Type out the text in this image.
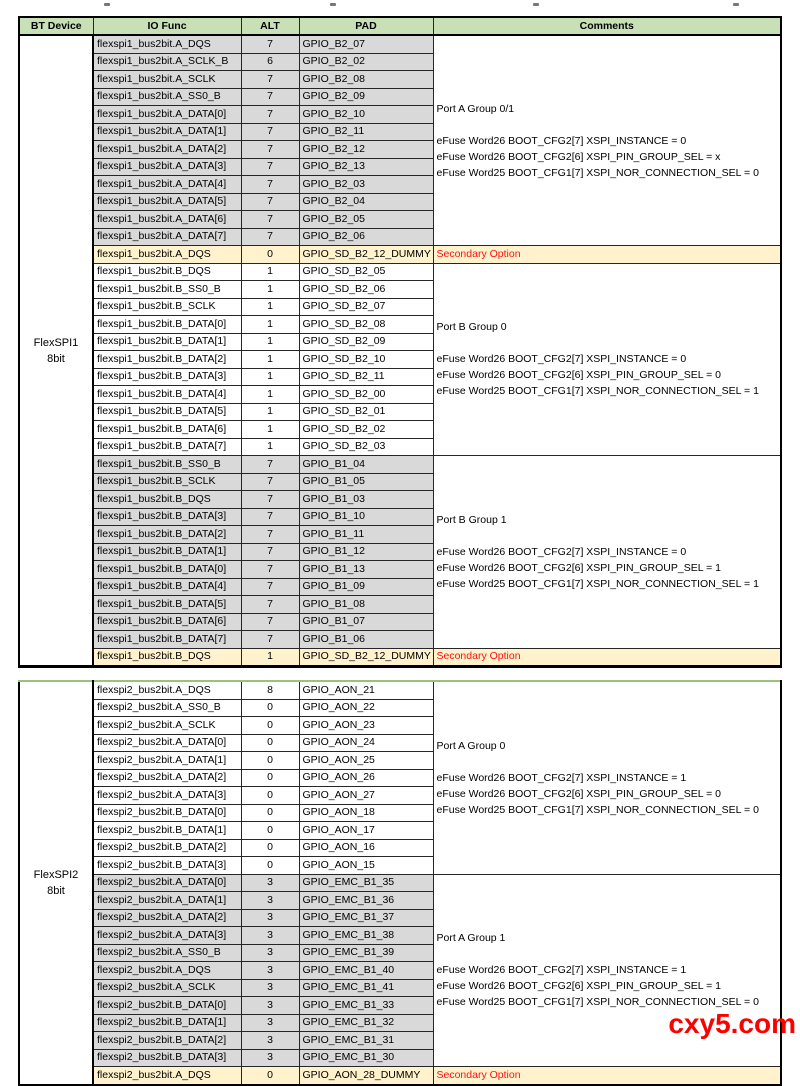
BT Device	IO Func	ALT	PAD	Comments

FlexSPI1
8bit
	flexspi1_bus2bit.A_DQS	7	GPIO_B2_07	
Port A Group 0/1
eFuse Word26 BOOT_CFG2[7] XSPI_INSTANCE = 0
eFuse Word26 BOOT_CFG2[6] XSPI_PIN_GROUP_SEL = x
eFuse Word25 BOOT_CFG1[7] XSPI_NOR_CONNECTION_SEL = 0

	flexspi1_bus2bit.A_SCLK_B	6	GPIO_B2_02	
	flexspi1_bus2bit.A_SCLK	7	GPIO_B2_08	
	flexspi1_bus2bit.A_SS0_B	7	GPIO_B2_09	
	flexspi1_bus2bit.A_DATA[0]	7	GPIO_B2_10	
	flexspi1_bus2bit.A_DATA[1]	7	GPIO_B2_11	
	flexspi1_bus2bit.A_DATA[2]	7	GPIO_B2_12	
	flexspi1_bus2bit.A_DATA[3]	7	GPIO_B2_13	
	flexspi1_bus2bit.A_DATA[4]	7	GPIO_B2_03	
	flexspi1_bus2bit.A_DATA[5]	7	GPIO_B2_04	
	flexspi1_bus2bit.A_DATA[6]	7	GPIO_B2_05	
	flexspi1_bus2bit.A_DATA[7]	7	GPIO_B2_06	
	flexspi1_bus2bit.A_DQS	0	GPIO_SD_B2_12_DUMMY	Secondary Option
	flexspi1_bus2bit.B_DQS	1	GPIO_SD_B2_05	Port B Group 0
eFuse Word26 BOOT_CFG2[7] XSPI_INSTANCE = 0
eFuse Word26 BOOT_CFG2[6] XSPI_PIN_GROUP_SEL = 0
eFuse Word25 BOOT_CFG1[7] XSPI_NOR_CONNECTION_SEL = 1

	flexspi1_bus2bit.B_SS0_B	1	GPIO_SD_B2_06	
	flexspi1_bus2bit.B_SCLK	1	GPIO_SD_B2_07	
	flexspi1_bus2bit.B_DATA[0]	1	GPIO_SD_B2_08	
	flexspi1_bus2bit.B_DATA[1]	1	GPIO_SD_B2_09	
	flexspi1_bus2bit.B_DATA[2]	1	GPIO_SD_B2_10	
	flexspi1_bus2bit.B_DATA[3]	1	GPIO_SD_B2_11	
	flexspi1_bus2bit.B_DATA[4]	1	GPIO_SD_B2_00	
	flexspi1_bus2bit.B_DATA[5]	1	GPIO_SD_B2_01	
	flexspi1_bus2bit.B_DATA[6]	1	GPIO_SD_B2_02	
	flexspi1_bus2bit.B_DATA[7]	1	GPIO_SD_B2_03	
	flexspi1_bus2bit.B_SS0_B	7	GPIO_B1_04	Port B Group 1
eFuse Word26 BOOT_CFG2[7] XSPI_INSTANCE = 0
eFuse Word26 BOOT_CFG2[6] XSPI_PIN_GROUP_SEL = 1
eFuse Word25 BOOT_CFG1[7] XSPI_NOR_CONNECTION_SEL = 1

	flexspi1_bus2bit.B_SCLK	7	GPIO_B1_05	
	flexspi1_bus2bit.B_DQS	7	GPIO_B1_03	
	flexspi1_bus2bit.B_DATA[3]	7	GPIO_B1_10	
	flexspi1_bus2bit.B_DATA[2]	7	GPIO_B1_11	
	flexspi1_bus2bit.B_DATA[1]	7	GPIO_B1_12	
	flexspi1_bus2bit.B_DATA[0]	7	GPIO_B1_13	
	flexspi1_bus2bit.B_DATA[4]	7	GPIO_B1_09	
	flexspi1_bus2bit.B_DATA[5]	7	GPIO_B1_08	
	flexspi1_bus2bit.B_DATA[6]	7	GPIO_B1_07	
	flexspi1_bus2bit.B_DATA[7]	7	GPIO_B1_06	
	flexspi1_bus2bit.B_DQS	1	GPIO_SD_B2_12_DUMMY	Secondary Option
FlexSPI2
8bit
	flexspi2_bus2bit.A_DQS	8	GPIO_AON_21	
Port A Group 0
eFuse Word26 BOOT_CFG2[7] XSPI_INSTANCE = 1
eFuse Word26 BOOT_CFG2[6] XSPI_PIN_GROUP_SEL = 0
eFuse Word25 BOOT_CFG1[7] XSPI_NOR_CONNECTION_SEL = 0

	flexspi2_bus2bit.A_SS0_B	0	GPIO_AON_22	
	flexspi2_bus2bit.A_SCLK	0	GPIO_AON_23	
	flexspi2_bus2bit.A_DATA[0]	0	GPIO_AON_24	
	flexspi2_bus2bit.A_DATA[1]	0	GPIO_AON_25	
	flexspi2_bus2bit.A_DATA[2]	0	GPIO_AON_26	
	flexspi2_bus2bit.A_DATA[3]	0	GPIO_AON_27	
	flexspi2_bus2bit.B_DATA[0]	0	GPIO_AON_18	
	flexspi2_bus2bit.B_DATA[1]	0	GPIO_AON_17	
	flexspi2_bus2bit.B_DATA[2]	0	GPIO_AON_16	
	flexspi2_bus2bit.B_DATA[3]	0	GPIO_AON_15	
	flexspi2_bus2bit.A_DATA[0]	3	GPIO_EMC_B1_35	Port A Group 1
eFuse Word26 BOOT_CFG2[7] XSPI_INSTANCE = 1
eFuse Word26 BOOT_CFG2[6] XSPI_PIN_GROUP_SEL = 1
eFuse Word25 BOOT_CFG1[7] XSPI_NOR_CONNECTION_SEL = 0

	flexspi2_bus2bit.A_DATA[1]	3	GPIO_EMC_B1_36	
	flexspi2_bus2bit.A_DATA[2]	3	GPIO_EMC_B1_37	
	flexspi2_bus2bit.A_DATA[3]	3	GPIO_EMC_B1_38	
	flexspi2_bus2bit.A_SS0_B	3	GPIO_EMC_B1_39	
	flexspi2_bus2bit.A_DQS	3	GPIO_EMC_B1_40	
	flexspi2_bus2bit.A_SCLK	3	GPIO_EMC_B1_41	
	flexspi2_bus2bit.B_DATA[0]	3	GPIO_EMC_B1_33	
	flexspi2_bus2bit.B_DATA[1]	3	GPIO_EMC_B1_32	
	flexspi2_bus2bit.B_DATA[2]	3	GPIO_EMC_B1_31	
	flexspi2_bus2bit.B_DATA[3]	3	GPIO_EMC_B1_30	
	flexspi2_bus2bit.A_DQS	0	GPIO_AON_28_DUMMY	Secondary Option
cxy5.com
